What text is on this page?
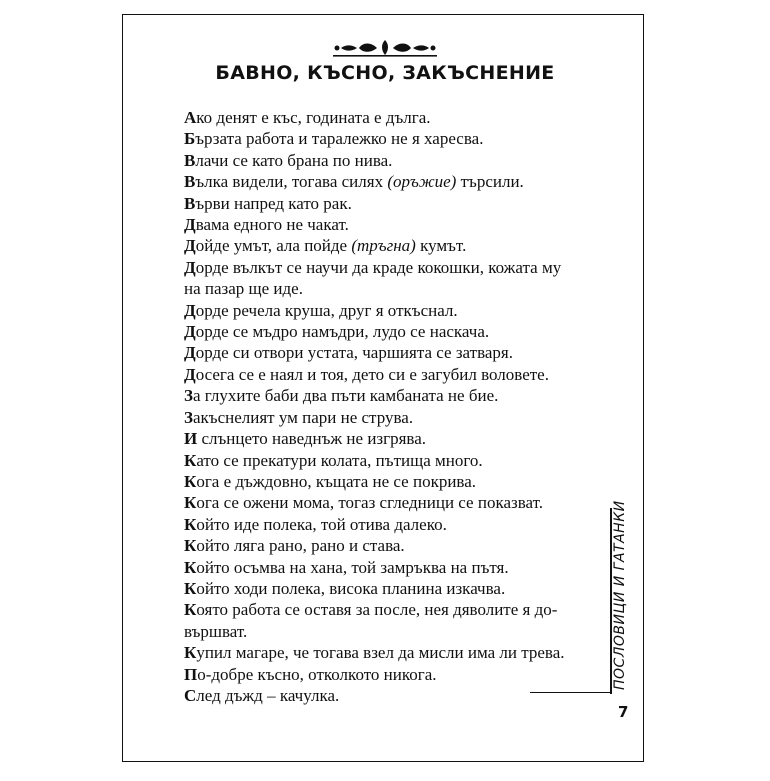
БАВНО, КЪСНО, ЗАКЪСНЕНИЕ
Ако денят е къс, годината е дълга.
Бързата работа и таралежко не я харесва.
Влачи се като брана по нива.
Вълка видели, тогава силях (оръжие) търсили.
Върви напред като рак.
Двама едного не чакат.
Дойде умът, ала пойде (тръгна) кумът.
Дорде вълкът се научи да краде кокошки, кожата му
на пазар ще иде.
Дорде речела круша, друг я откъснал.
Дорде се мъдро намъдри, лудо се наскача.
Дорде си отвори устата, чаршията се затваря.
Досега се е наял и тоя, дето си е загубил воловете.
За глухите баби два пъти камбаната не бие.
Закъснелият ум пари не струва.
И слънцето наведнъж не изгрява.
Като се прекатури колата, пътища много.
Кога е дъждовно, къщата не се покрива.
Кога се ожени мома, тогаз сгледници се показват.
Който иде полека, той отива далеко.
Който ляга рано, рано и става.
Който осъмва на хана, той замръква на пътя.
Който ходи полека, висока планина изкачва.
Която работа се оставя за после, нея дяволите я до-
вършват.
Купил магаре, че тогава взел да мисли има ли трева.
По-добре късно, отколкото никога.
След дъжд – качулка.
ПОСЛОВИЦИ И ГАТАНКИ
7
